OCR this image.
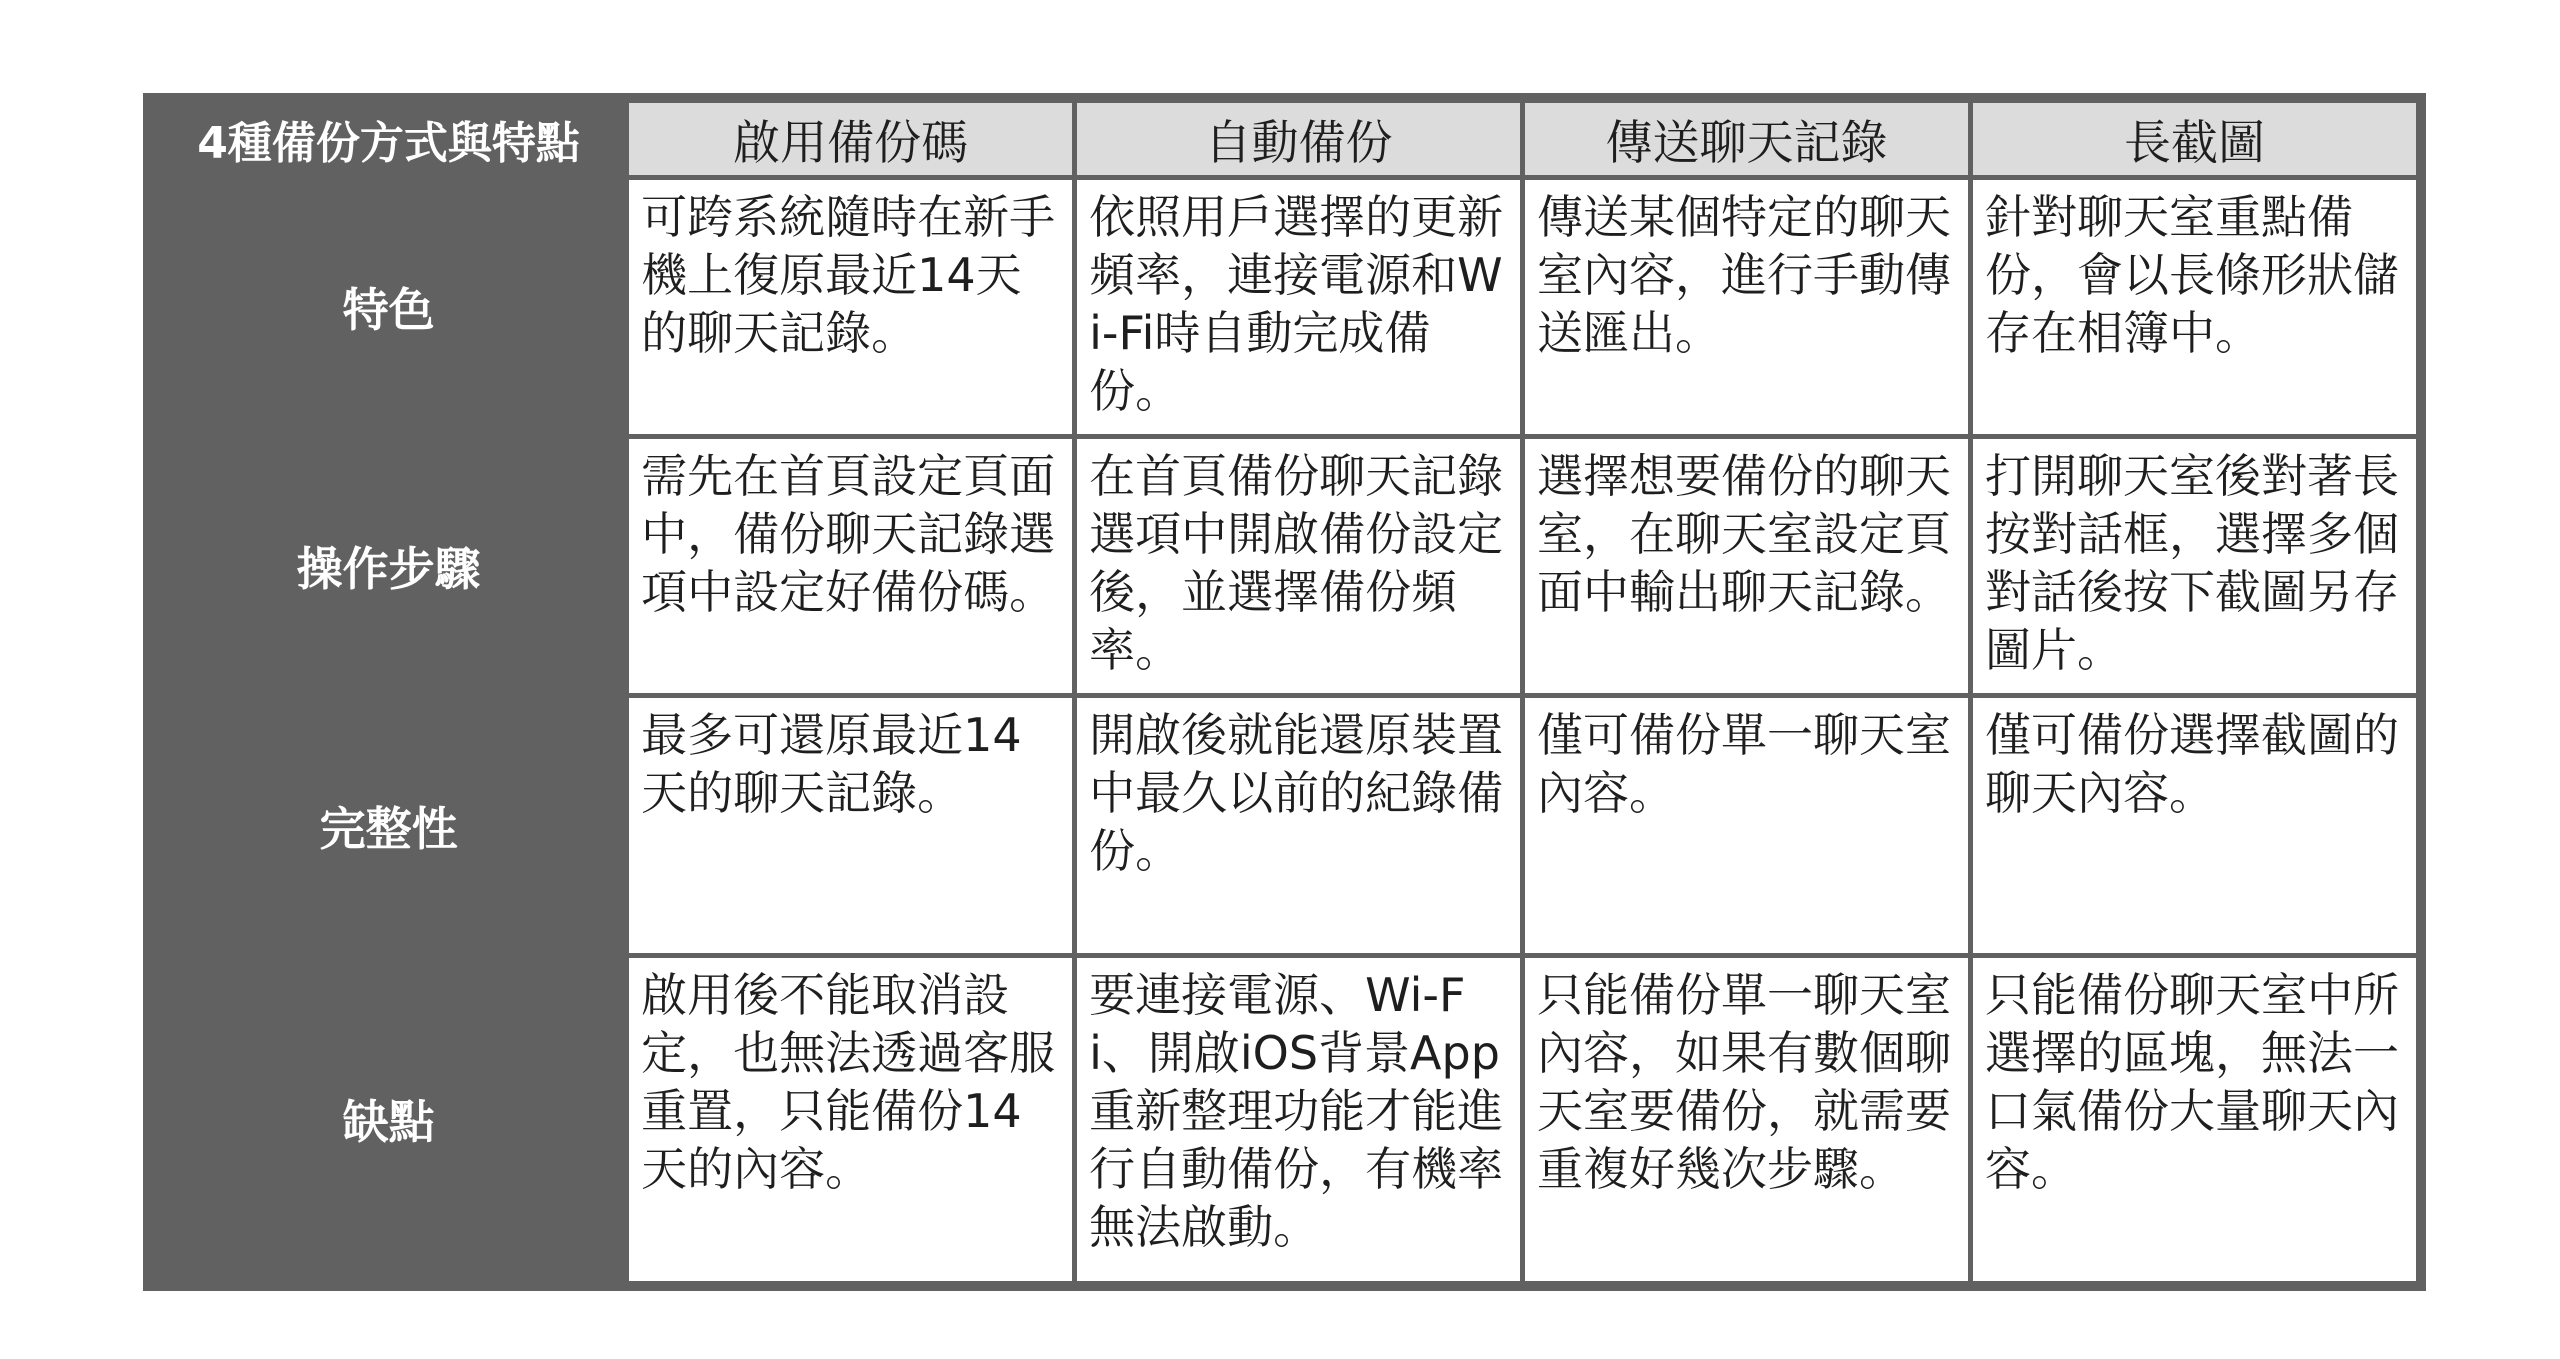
4種備份方式與特點	啟用備份碼	自動備份	傳送聊天記錄	長截圖
特色	可跨系統隨時在新手機上復原最近14天的聊天記錄。	依照用戶選擇的更新頻率，連接電源和Wi-Fi時自動完成備份。	傳送某個特定的聊天室內容，進行手動傳送匯出。	針對聊天室重點備份，會以長條形狀儲存在相簿中。
操作步驟	需先在首頁設定頁面中，備份聊天記錄選項中設定好備份碼。	在首頁備份聊天記錄選項中開啟備份設定後，並選擇備份頻率。	選擇想要備份的聊天室，在聊天室設定頁面中輸出聊天記錄。	打開聊天室後對著長按對話框，選擇多個對話後按下截圖另存圖片。
完整性	最多可還原最近14天的聊天記錄。	開啟後就能還原裝置中最久以前的紀錄備份。	僅可備份單一聊天室內容。	僅可備份選擇截圖的聊天內容。
缺點	啟用後不能取消設定，也無法透過客服重置，只能備份14天的內容。	要連接電源、Wi-Fi、開啟iOS背景App重新整理功能才能進行自動備份，有機率無法啟動。	只能備份單一聊天室內容，如果有數個聊天室要備份，就需要重複好幾次步驟。	只能備份聊天室中所選擇的區塊，無法一口氣備份大量聊天內容。
